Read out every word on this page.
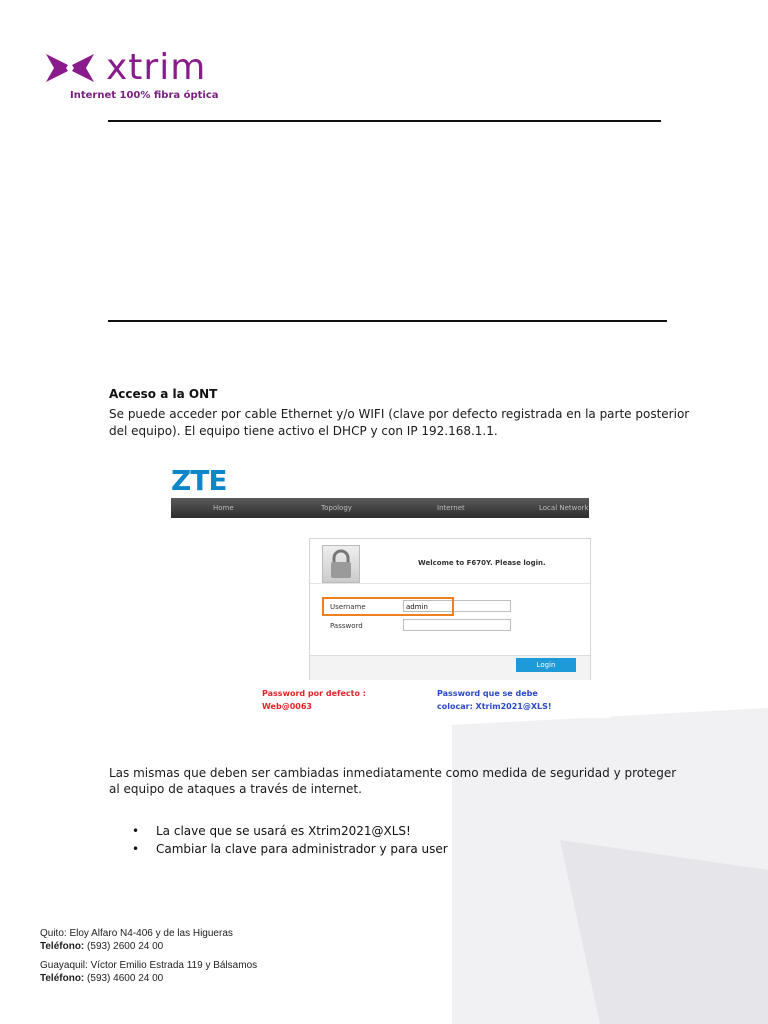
xtrim
Internet 100% fibra óptica
Acceso a la ONT
Se puede acceder por cable Ethernet y/o WIFI (clave por defecto registrada en la parte posterior
del equipo). El equipo tiene activo el DHCP y con IP 192.168.1.1.
ZTE
Home	Topology	Internet	Local Network
Welcome to F670Y. Please login.
Username	admin
Password
Login
Password por defecto :
Web@0063
Password que se debe
colocar: Xtrim2021@XLS!
Las mismas que deben ser cambiadas inmediatamente como medida de seguridad y proteger
al equipo de ataques a través de internet.
• La clave que se usará es Xtrim2021@XLS!
• Cambiar la clave para administrador y para user
Quito: Eloy Alfaro N4-406 y de las Higueras
Teléfono: (593) 2600 24 00
Guayaquil: Víctor Emilio Estrada 119 y Bálsamos
Teléfono: (593) 4600 24 00
